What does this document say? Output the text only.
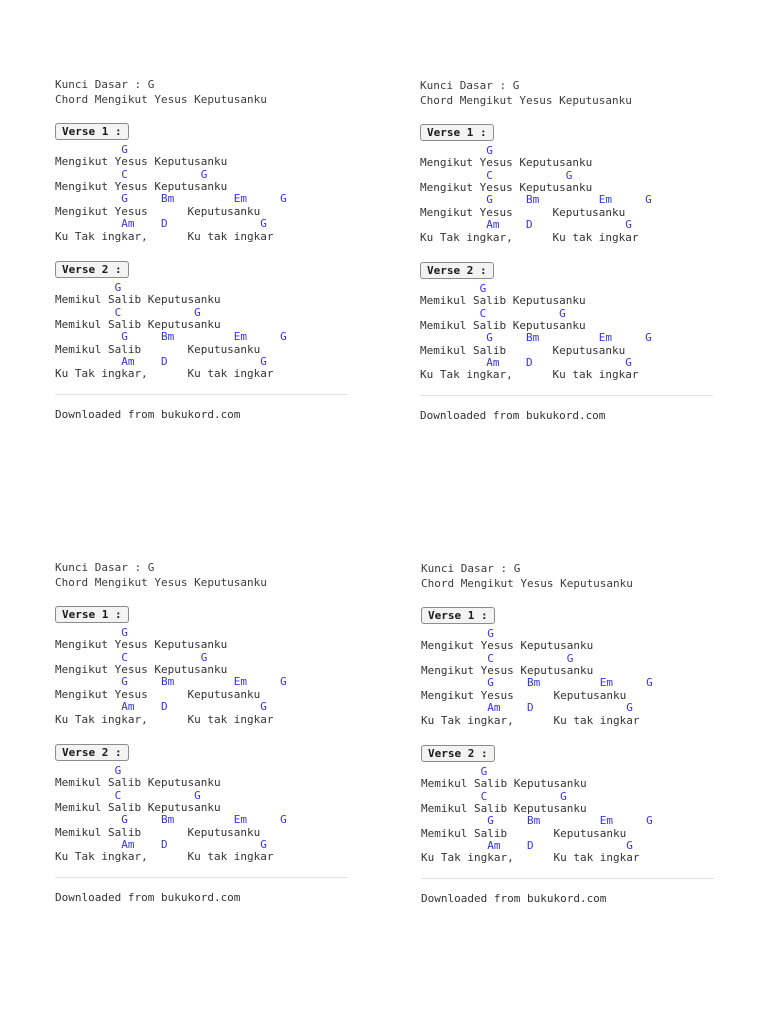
Kunci Dasar : G
Chord Mengikut Yesus Keputusanku
Verse 1 :
G
Mengikut Yesus Keputusanku
C           G
Mengikut Yesus Keputusanku
G     Bm         Em     G
Mengikut Yesus      Keputusanku
Am    D              G
Ku Tak ingkar,      Ku tak ingkar
Verse 2 :
G
Memikul Salib Keputusanku
C           G
Memikul Salib Keputusanku
G     Bm         Em     G
Memikul Salib       Keputusanku
Am    D              G
Ku Tak ingkar,      Ku tak ingkar
Downloaded from bukukord.com
Kunci Dasar : G
Chord Mengikut Yesus Keputusanku
Verse 1 :
G
Mengikut Yesus Keputusanku
C           G
Mengikut Yesus Keputusanku
G     Bm         Em     G
Mengikut Yesus      Keputusanku
Am    D              G
Ku Tak ingkar,      Ku tak ingkar
Verse 2 :
G
Memikul Salib Keputusanku
C           G
Memikul Salib Keputusanku
G     Bm         Em     G
Memikul Salib       Keputusanku
Am    D              G
Ku Tak ingkar,      Ku tak ingkar
Downloaded from bukukord.com
Kunci Dasar : G
Chord Mengikut Yesus Keputusanku
Verse 1 :
G
Mengikut Yesus Keputusanku
C           G
Mengikut Yesus Keputusanku
G     Bm         Em     G
Mengikut Yesus      Keputusanku
Am    D              G
Ku Tak ingkar,      Ku tak ingkar
Verse 2 :
G
Memikul Salib Keputusanku
C           G
Memikul Salib Keputusanku
G     Bm         Em     G
Memikul Salib       Keputusanku
Am    D              G
Ku Tak ingkar,      Ku tak ingkar
Downloaded from bukukord.com
Kunci Dasar : G
Chord Mengikut Yesus Keputusanku
Verse 1 :
G
Mengikut Yesus Keputusanku
C           G
Mengikut Yesus Keputusanku
G     Bm         Em     G
Mengikut Yesus      Keputusanku
Am    D              G
Ku Tak ingkar,      Ku tak ingkar
Verse 2 :
G
Memikul Salib Keputusanku
C           G
Memikul Salib Keputusanku
G     Bm         Em     G
Memikul Salib       Keputusanku
Am    D              G
Ku Tak ingkar,      Ku tak ingkar
Downloaded from bukukord.com
